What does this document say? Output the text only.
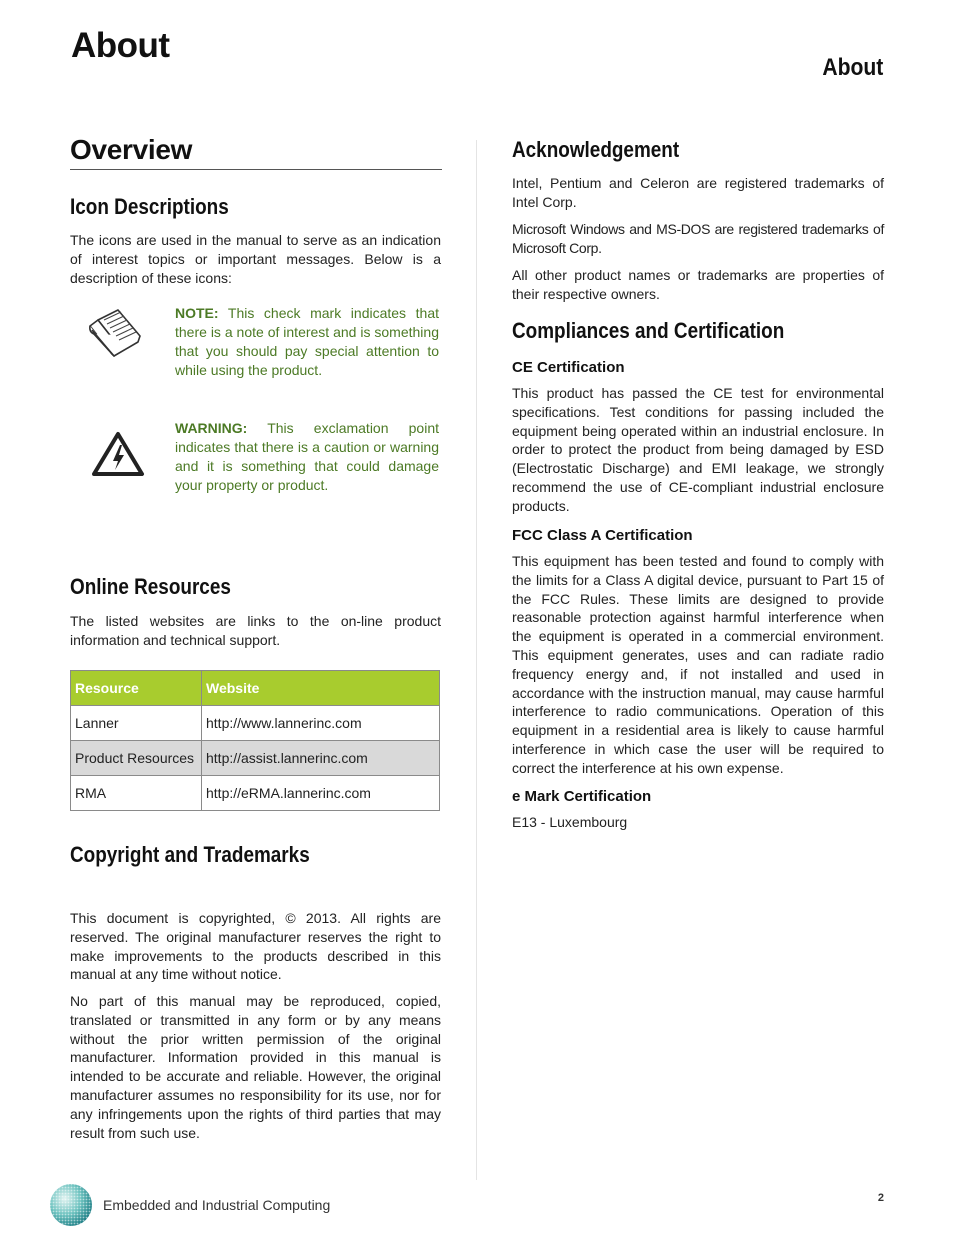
About
About
Overview
Icon Descriptions

The icons are used in the manual to serve as an indication of interest topics or important messages. Below is a description of these icons:

NOTE: This check mark indicates that there is a note of interest and is something that you should pay special attention to while using the product.

WARNING: This exclamation point indicates that there is a caution or warning and it is something that could damage your property or product.

Online Resources

The listed websites are links to the on-line product information and technical support.

Resource	Website
Lanner	http://www.lannerinc.com
Product Resources	http://assist.lannerinc.com
RMA	http://eRMA.lannerinc.com
Copyright and Trademarks

This document is copyrighted, © 2013. All rights are reserved. The original manufacturer reserves the right to make improvements to the products described in this manual at any time without notice.

No part of this manual may be reproduced, copied, translated or transmitted in any form or by any means without the prior written permission of the original manufacturer. Information provided in this manual is intended to be accurate and reliable. However, the original manufacturer assumes no responsibility for its use, nor for any infringements upon the rights of third parties that may result from such use.

Acknowledgement

Intel, Pentium and Celeron are registered trademarks of Intel Corp.

Microsoft Windows and MS-DOS are registered trademarks of Microsoft Corp.

All other product names or trademarks are properties of their respective owners.

Compliances and Certification
CE Certification

This product has passed the CE test for environmental specifications. Test conditions for passing included the equipment being operated within an industrial enclosure. In order to protect the product from being damaged by ESD (Electrostatic Discharge) and EMI leakage, we strongly recommend the use of CE-compliant industrial enclosure products.

FCC Class A Certification

This equipment has been tested and found to comply with the limits for a Class A digital device, pursuant to Part 15 of the FCC Rules. These limits are designed to provide reasonable protection against harmful interference when the equipment is operated in a commercial environment. This equipment generates, uses and can radiate radio frequency energy and, if not installed and used in accordance with the instruction manual, may cause harmful interference to radio communications. Operation of this equipment in a residential area is likely to cause harmful interference in which case the user will be required to correct the interference at his own expense.

e Mark Certification

E13 - Luxembourg

Embedded and Industrial Computing	2
